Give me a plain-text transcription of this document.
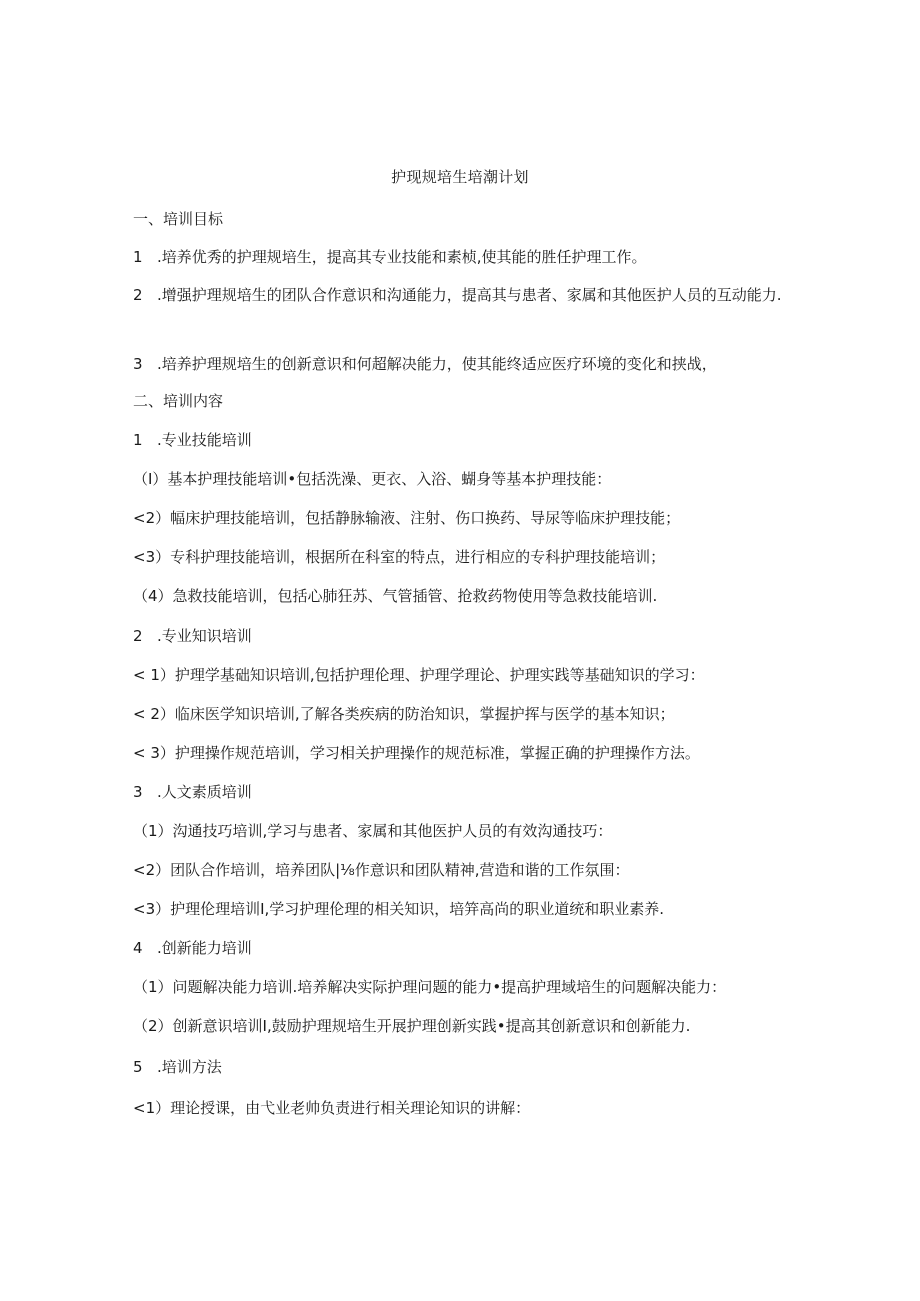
护现规培生培潮计划
一、培训目标
1 .培养优秀的护理规培生，提高其专业技能和素桢,使其能的胜任护理工作。
2 .增强护理规培生的团队合作意识和沟通能力，提高其与患者、家属和其他医护人员的互动能力.
3 .培养护理规培生的创新意识和何超解决能力，使其能终适应医疗环境的变化和挟战，
二、培训内容
1 .专业技能培训
（I）基本护理技能培训•包括洗澡、更衣、入浴、蝴身等基本护理技能：
<2）幅床护理技能培训，包括静脉输液、注射、伤口换药、导尿等临床护理技能；
<3）专科护理技能培训，根据所在科室的特点，进行相应的专科护理技能培训；
（4）急救技能培训，包括心肺狂苏、气管插管、抢救药物使用等急救技能培训.
2 .专业知识培训
< 1）护理学基础知识培训,包括护理伦理、护理学理论、护理实践等基础知识的学习：
< 2）临床医学知识培训,了解各类疾病的防治知识，掌握护挥与医学的基本知识；
< 3）护理操作规范培训，学习相关护理操作的规范标准，掌握正确的护理操作方法。
3 .人文素质培训
（1）沟通技巧培训,学习与患者、家属和其他医护人员的有效沟通技巧：
<2）团队合作培训，培养团队|⅛作意识和团队精神,营造和谐的工作氛围：
<3）护理伦理培训I,学习护理伦理的相关知识，培笄高尚的职业道统和职业素养.
4 .创新能力培训
（1）问题解决能力培训.培养解决实际护理问题的能力•提高护理域培生的问题解决能力：
（2）创新意识培训I,鼓励护理规培生开展护理创新实践•提高其创新意识和创新能力.
5 .培训方法
<1）理论授课，由弋业老帅负责进行相关理论知识的讲解：
